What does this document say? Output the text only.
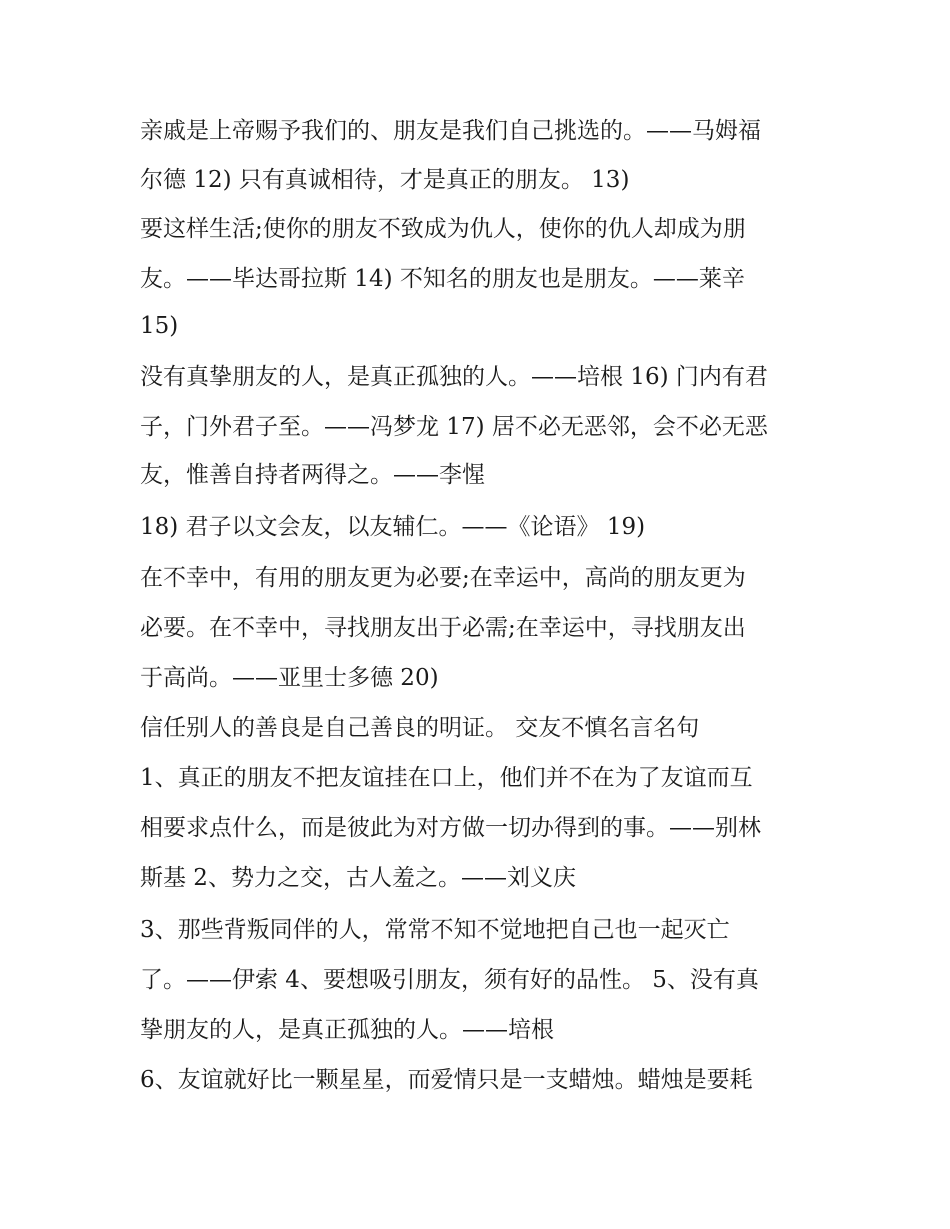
亲戚是上帝赐予我们的、朋友是我们自己挑选的。——马姆福
尔德 12) 只有真诚相待，才是真正的朋友。 13)
要这样生活;使你的朋友不致成为仇人，使你的仇人却成为朋
友。——毕达哥拉斯 14) 不知名的朋友也是朋友。——莱辛
15)
没有真挚朋友的人，是真正孤独的人。——培根 16) 门内有君
子，门外君子至。——冯梦龙 17) 居不必无恶邻，会不必无恶
友，惟善自持者两得之。——李惺
18) 君子以文会友，以友辅仁。——《论语》 19)
在不幸中，有用的朋友更为必要;在幸运中，高尚的朋友更为
必要。在不幸中，寻找朋友出于必需;在幸运中，寻找朋友出
于高尚。——亚里士多德 20)
信任别人的善良是自己善良的明证。 交友不慎名言名句
1、真正的朋友不把友谊挂在口上，他们并不在为了友谊而互
相要求点什么，而是彼此为对方做一切办得到的事。——别林
斯基 2、势力之交，古人羞之。——刘义庆
3、那些背叛同伴的人，常常不知不觉地把自己也一起灭亡
了。——伊索 4、要想吸引朋友，须有好的品性。 5、没有真
挚朋友的人，是真正孤独的人。——培根
6、友谊就好比一颗星星，而爱情只是一支蜡烛。蜡烛是要耗
